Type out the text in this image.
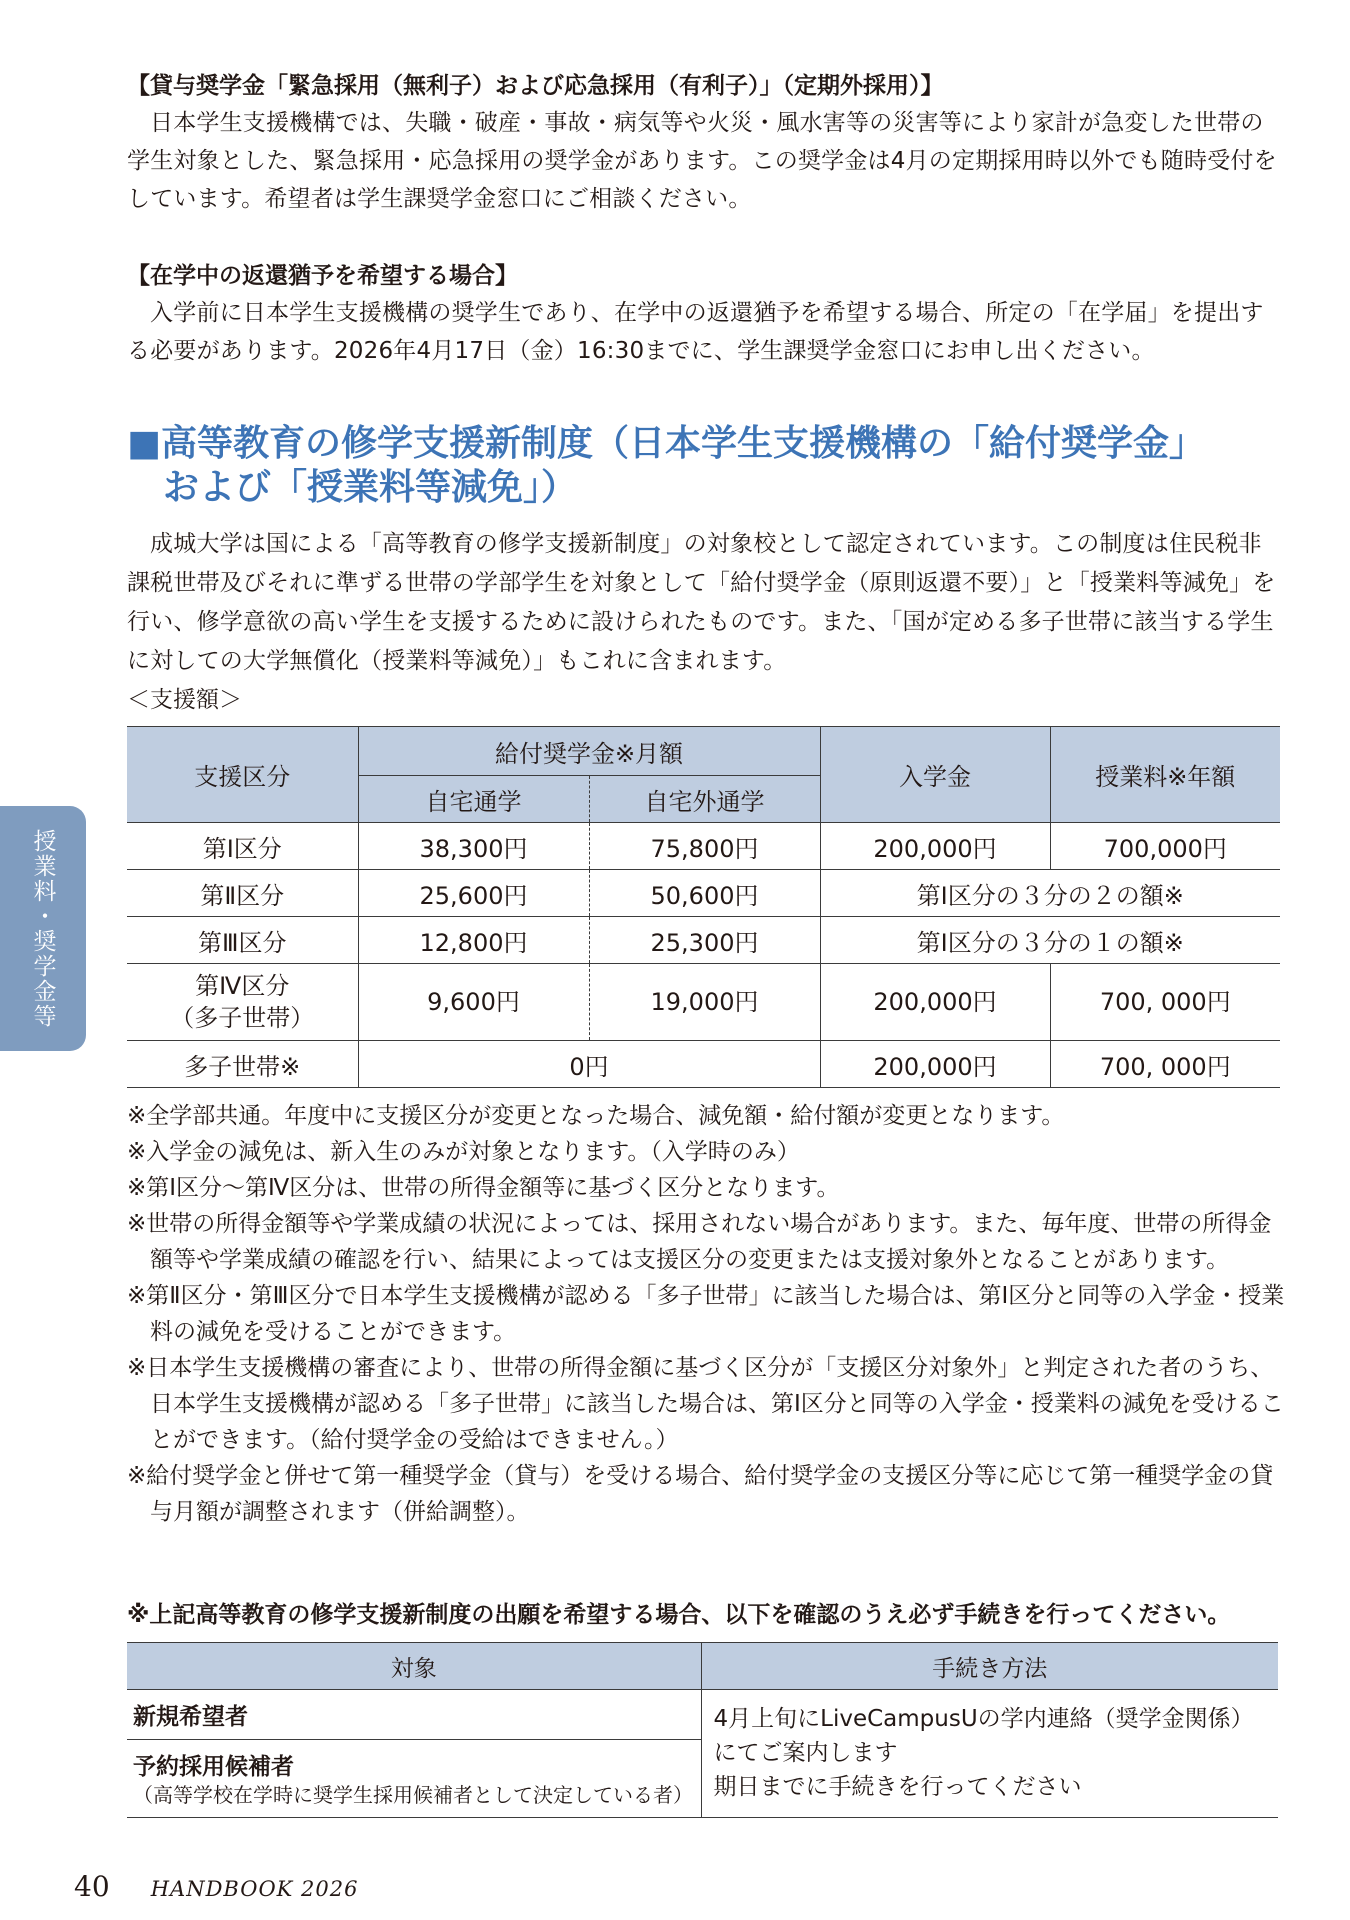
【貸与奨学金「緊急採用（無利子）および応急採用（有利子）」（定期外採用）】

日本学生支援機構では、失職・破産・事故・病気等や火災・風水害等の災害等により家計が急変した世帯の学生対象とした、緊急採用・応急採用の奨学金があります。この奨学金は4月の定期採用時以外でも随時受付をしています。希望者は学生課奨学金窓口にご相談ください。

【在学中の返還猶予を希望する場合】

入学前に日本学生支援機構の奨学生であり、在学中の返還猶予を希望する場合、所定の「在学届」を提出する必要があります。2026年4月17日（金）16:30までに、学生課奨学金窓口にお申し出ください。

■高等教育の修学支援新制度（日本学生支援機構の「給付奨学金」
および「授業料等減免」）

成城大学は国による「高等教育の修学支援新制度」の対象校として認定されています。この制度は住民税非課税世帯及びそれに準ずる世帯の学部学生を対象として「給付奨学金（原則返還不要）」と「授業料等減免」を行い、修学意欲の高い学生を支援するために設けられたものです。また、「国が定める多子世帯に該当する学生に対しての大学無償化（授業料等減免）」もこれに含まれます。

＜支援額＞

支援区分	給付奨学金※月額		入学金	授業料※年額
	自宅通学	自宅外通学		
第Ⅰ区分	38,300円	75,800円	200,000円	700,000円
第Ⅱ区分	25,600円	50,600円	第Ⅰ区分の３分の２の額※	
第Ⅲ区分	12,800円	25,300円	第Ⅰ区分の３分の１の額※	
第Ⅳ区分
（多子世帯）	9,600円	19,000円	200,000円	700, 000円
多子世帯※	0円		200,000円	700, 000円

※全学部共通。年度中に支援区分が変更となった場合、減免額・給付額が変更となります。

※入学金の減免は、新入生のみが対象となります。（入学時のみ）

※第Ⅰ区分～第Ⅳ区分は、世帯の所得金額等に基づく区分となります。

※世帯の所得金額等や学業成績の状況によっては、採用されない場合があります。また、毎年度、世帯の所得金額等や学業成績の確認を行い、結果によっては支援区分の変更または支援対象外となることがあります。

※第Ⅱ区分・第Ⅲ区分で日本学生支援機構が認める「多子世帯」に該当した場合は、第Ⅰ区分と同等の入学金・授業料の減免を受けることができます。

※日本学生支援機構の審査により、世帯の所得金額に基づく区分が「支援区分対象外」と判定された者のうち、日本学生支援機構が認める「多子世帯」に該当した場合は、第Ⅰ区分と同等の入学金・授業料の減免を受けることができます。（給付奨学金の受給はできません。）

※給付奨学金と併せて第一種奨学金（貸与）を受ける場合、給付奨学金の支援区分等に応じて第一種奨学金の貸与月額が調整されます（併給調整）。

※上記高等教育の修学支援新制度の出願を希望する場合、以下を確認のうえ必ず手続きを行ってください。
対象	手続き方法
新規希望者	4月上旬にLiveCampusUの学内連絡（奨学金関係）にてご案内します
期日までに手続きを行ってください
予約採用候補者
（高等学校在学時に奨学生採用候補者として決定している者）	
授業料・奨学金等
40 HANDBOOK 2026
